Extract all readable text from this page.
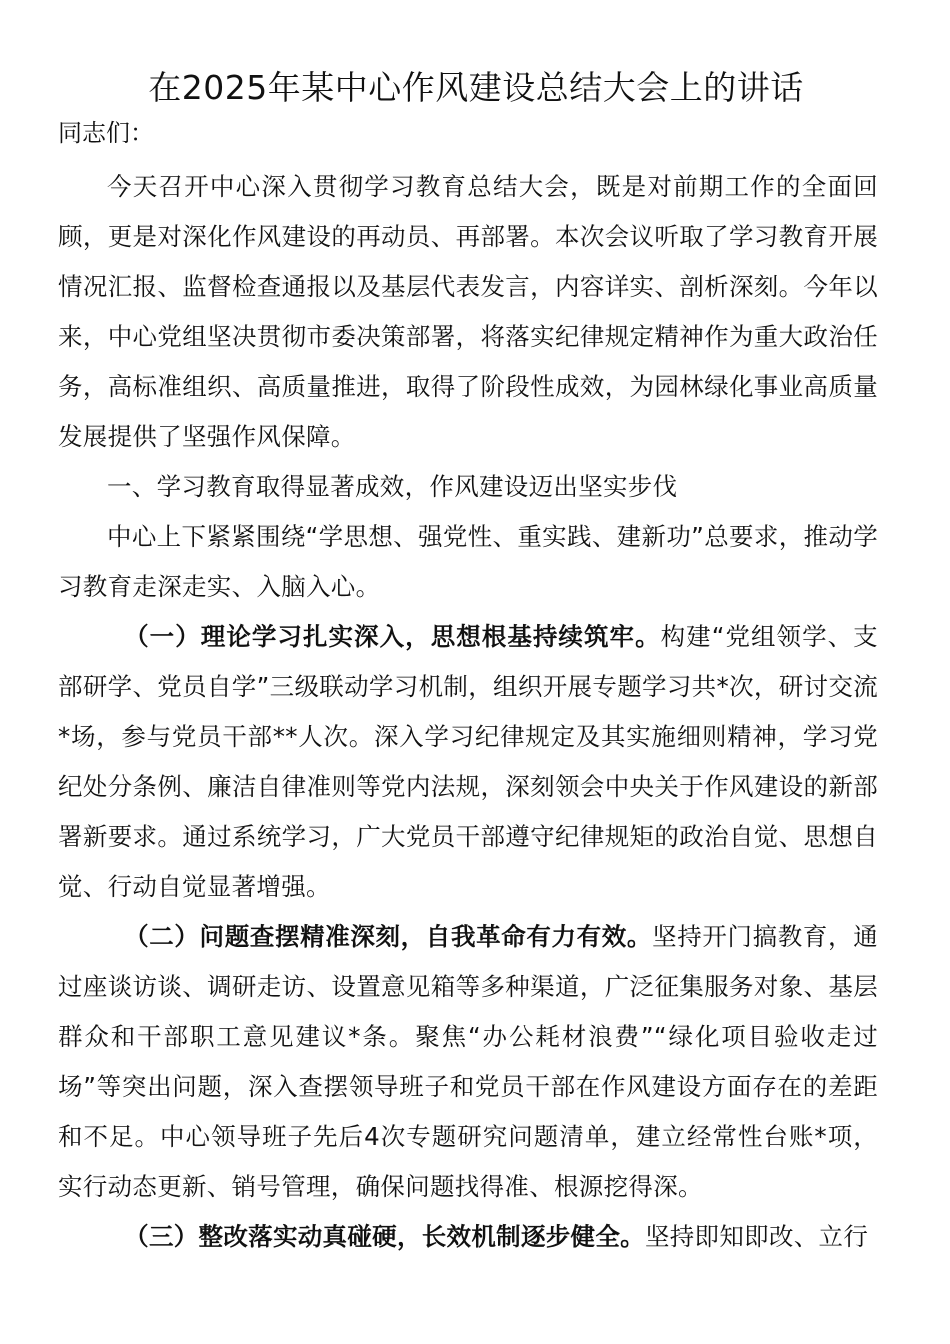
在2025年某中心作风建设总结大会上的讲话

同志们：

今天召开中心深入贯彻学习教育总结大会，既是对前期工作的全面回顾，更是对深化作风建设的再动员、再部署。本次会议听取了学习教育开展情况汇报、监督检查通报以及基层代表发言，内容详实、剖析深刻。今年以来，中心党组坚决贯彻市委决策部署，将落实纪律规定精神作为重大政治任务，高标准组织、高质量推进，取得了阶段性成效，为园林绿化事业高质量发展提供了坚强作风保障。

一、学习教育取得显著成效，作风建设迈出坚实步伐

中心上下紧紧围绕“学思想、强党性、重实践、建新功”总要求，推动学习教育走深走实、入脑入心。

（一）理论学习扎实深入，思想根基持续筑牢。构建“党组领学、支部研学、党员自学”三级联动学习机制，组织开展专题学习共*次，研讨交流*场，参与党员干部**人次。深入学习纪律规定及其实施细则精神，学习党纪处分条例、廉洁自律准则等党内法规，深刻领会中央关于作风建设的新部署新要求。通过系统学习，广大党员干部遵守纪律规矩的政治自觉、思想自觉、行动自觉显著增强。

（二）问题查摆精准深刻，自我革命有力有效。坚持开门搞教育，通过座谈访谈、调研走访、设置意见箱等多种渠道，广泛征集服务对象、基层群众和干部职工意见建议*条。聚焦“办公耗材浪费”“绿化项目验收走过场”等突出问题，深入查摆领导班子和党员干部在作风建设方面存在的差距和不足。中心领导班子先后4次专题研究问题清单，建立经常性台账*项，实行动态更新、销号管理，确保问题找得准、根源挖得深。

（三）整改落实动真碰硬，长效机制逐步健全。坚持即知即改、立行
